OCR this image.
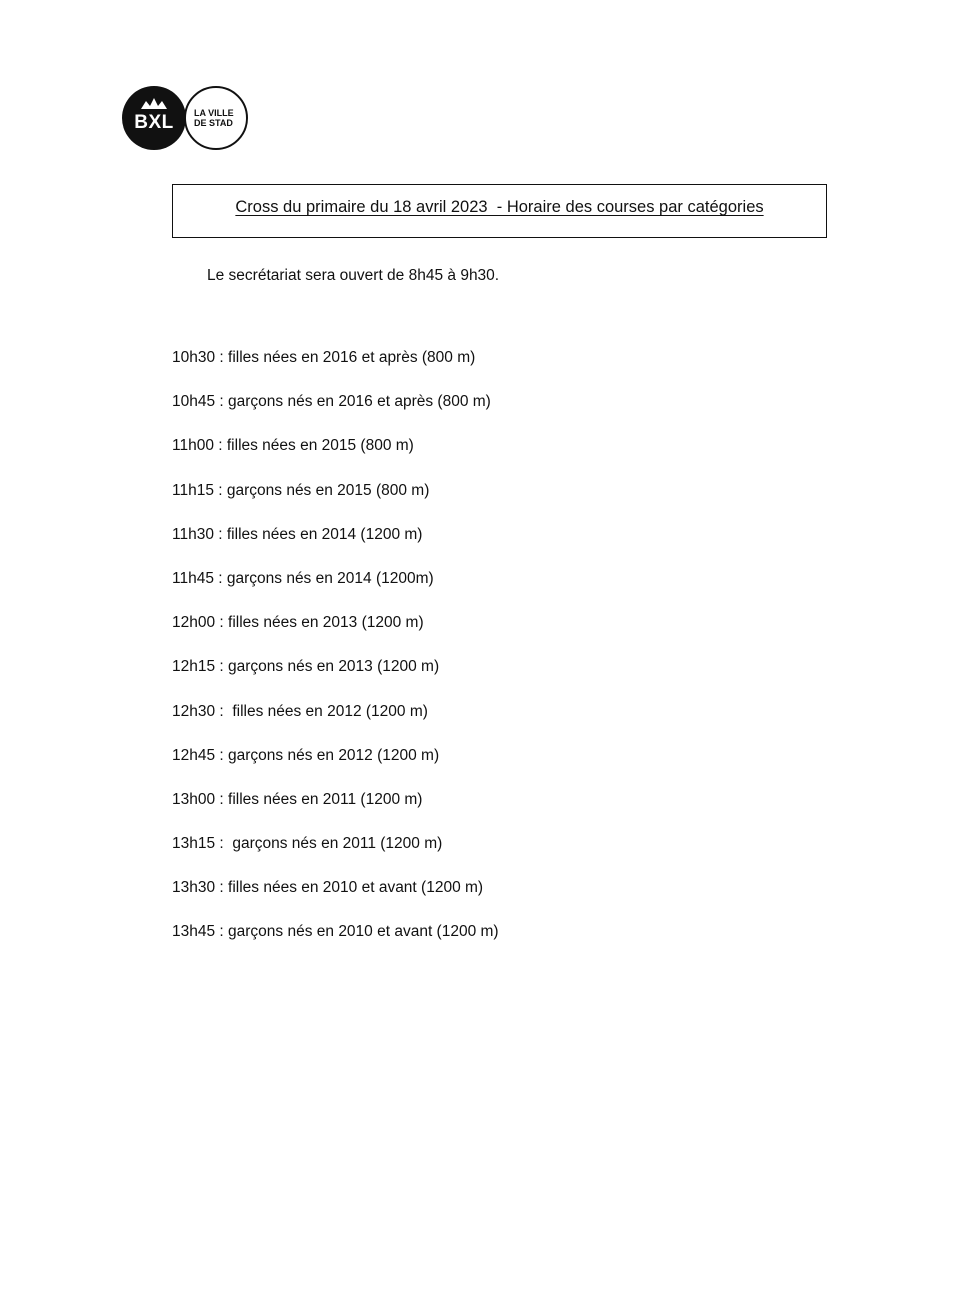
BXL	LA VILLE
DE STAD
Cross du primaire du 18 avril 2023  - Horaire des courses par catégories
Le secrétariat sera ouvert de 8h45 à 9h30.
10h30 : filles nées en 2016 et après (800 m)
10h45 : garçons nés en 2016 et après (800 m)
11h00 : filles nées en 2015 (800 m)
11h15 : garçons nés en 2015 (800 m)
11h30 : filles nées en 2014 (1200 m)
11h45 : garçons nés en 2014 (1200m)
12h00 : filles nées en 2013 (1200 m)
12h15 : garçons nés en 2013 (1200 m)
12h30 :  filles nées en 2012 (1200 m)
12h45 : garçons nés en 2012 (1200 m)
13h00 : filles nées en 2011 (1200 m)
13h15 :  garçons nés en 2011 (1200 m)
13h30 : filles nées en 2010 et avant (1200 m)
13h45 : garçons nés en 2010 et avant (1200 m)
